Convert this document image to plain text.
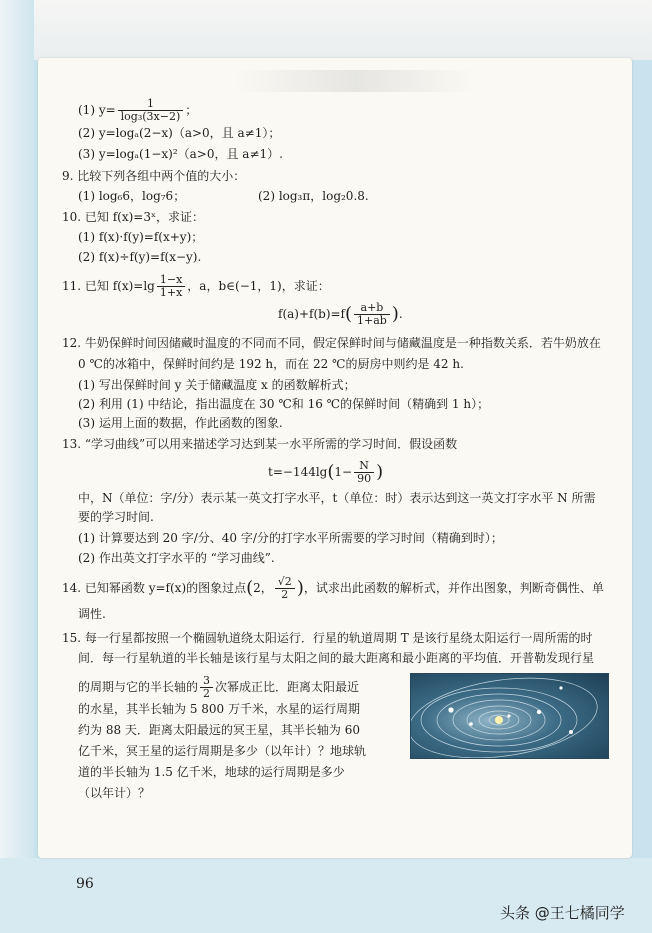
(1) $y= \frac{1}{\text{log₃(3x−2)}}$ ；
(2) y=logₐ(2−x)（a>0，且 a≠1）；
(3) y=logₐ(1−x)²（a>0，且 a≠1）.
9. 比较下列各组中两个值的大小：
(1) log₆6，log₇6；	(2) log₃π，log₂0.8.
10. 已知 f(x)=3ˣ，求证：
(1) f(x)·f(y)=f(x+y)；
(2) f(x)÷f(y)=f(x−y).
11. 已知 $f(x)=\lg \frac{1-x}{1+x}$ ，a，b∈(−1，1)，求证：
$f(a)+f(b)=f( \frac{a+b}{1+ab}$ ).
12. 牛奶保鲜时间因储藏时温度的不同而不同，假定保鲜时间与储藏温度是一种指数关系．若牛奶放在
0 ℃的冰箱中，保鲜时间约是 192 h，而在 22 ℃的厨房中则约是 42 h.
(1) 写出保鲜时间 y 关于储藏温度 x 的函数解析式；
(2) 利用 (1) 中结论，指出温度在 30 ℃和 16 ℃的保鲜时间（精确到 1 h）；
(3) 运用上面的数据，作此函数的图象.
13. “学习曲线”可以用来描述学习达到某一水平所需的学习时间．假设函数
$t=-144\lg(1- \frac{N}{90}$ )
中，N（单位：字/分）表示某一英文打字水平，t（单位：时）表示达到这一英文打字水平 N 所需
要的学习时间.
(1) 计算要达到 20 字/分、40 字/分的打字水平所需要的学习时间（精确到时）；
(2) 作出英文打字水平的 “学习曲线”.
14. 已知幂函数 y=f(x)的图象过点(2， $\frac{√2}{2}$ )，试求出此函数的解析式，并作出图象，判断奇偶性、单
调性.
15. 每一行星都按照一个椭圆轨道绕太阳运行．行星的轨道周期 T 是该行星绕太阳运行一周所需的时
间．每一行星轨道的半长轴是该行星与太阳之间的最大距离和最小距离的平均值．开普勒发现行星
的周期与它的半长轴的 $\frac{3}{2}$ 次幂成正比．距离太阳最近
的水星，其半长轴为 5 800 万千米，水星的运行周期
约为 88 天．距离太阳最远的冥王星，其半长轴为 60
亿千米，冥王星的运行周期是多少（以年计）？地球轨
道的半长轴为 1.5 亿千米，地球的运行周期是多少
（以年计）？
96
头条 @王七橘同学
